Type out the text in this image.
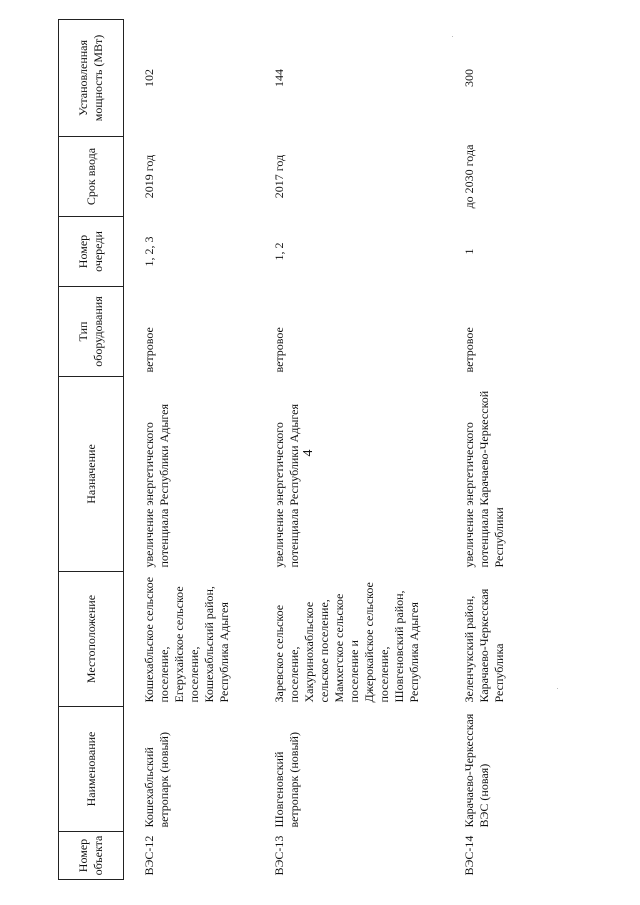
4
Номер объекта	Наименование	Местоположение	Назначение	Тип оборудования	Номер очереди	Срок ввода	Установленная мощность (МВт)
ВЭС-12	Кошехабльский ветропарк (новый)	Кошехабльское сельское поселение, Егерухайское сельское поселение, Кошехабльский район, Республика Адыгея	увеличение энергетического потенциала Республики Адыгея	ветровое	1, 2, 3	2019 год	102
ВЭС-13	Шовгеновский ветропарк (новый)	Заревское сельское поселение, Хакуринохабльское сельское поселение, Мамхегское сельское поселение и Джерокайское сельское поселение, Шовгеновский район, Республика Адыгея	увеличение энергетического потенциала Республики Адыгея	ветровое	1, 2	2017 год	144
ВЭС-14	Карачаево-Черкесская ВЭС (новая)	Зеленчукский район, Карачаево-Черкесская Республика	увеличение энергетического потенциала Карачаево-Черкесской Республики	ветровое	1	до 2030 года	300
